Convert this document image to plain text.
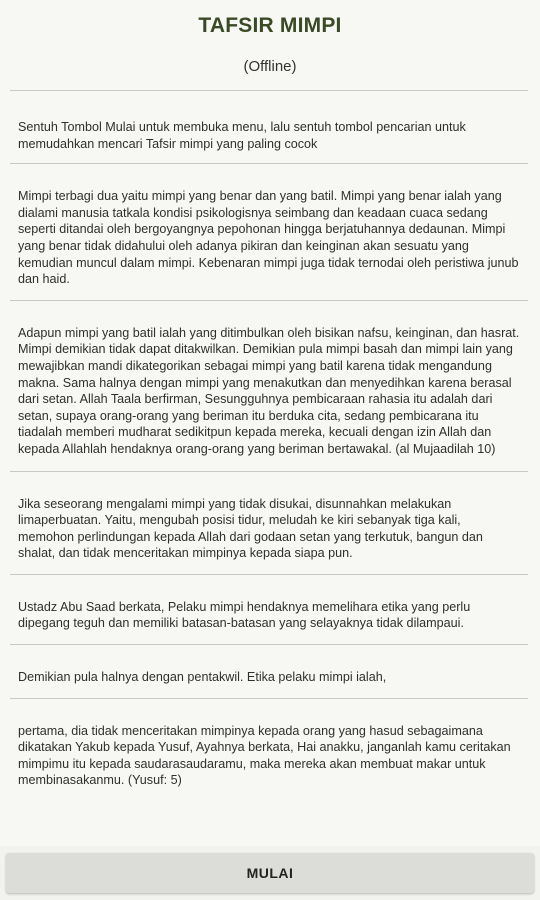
TAFSIR MIMPI
(Offline)
Sentuh Tombol Mulai untuk membuka menu, lalu sentuh tombol pencarian untuk memudahkan mencari Tafsir mimpi yang paling cocok
Mimpi terbagi dua yaitu mimpi yang benar dan yang batil. Mimpi yang benar ialah yang dialami manusia tatkala kondisi psikologisnya seimbang dan keadaan cuaca sedang seperti ditandai oleh bergoyangnya pepohonan hingga berjatuhannya dedaunan. Mimpi yang benar tidak didahului oleh adanya pikiran dan keinginan akan sesuatu yang kemudian muncul dalam mimpi. Kebenaran mimpi juga tidak ternodai oleh peristiwa junub dan haid.
Adapun mimpi yang batil ialah yang ditimbulkan oleh bisikan nafsu, keinginan, dan hasrat. Mimpi demikian tidak dapat ditakwilkan. Demikian pula mimpi basah dan mimpi lain yang mewajibkan mandi dikategorikan sebagai mimpi yang batil karena tidak mengandung makna. Sama halnya dengan mimpi yang menakutkan dan menyedihkan karena berasal dari setan. Allah Taala berfirman, Sesungguhnya pembicaraan rahasia itu adalah dari setan, supaya orang-orang yang beriman itu berduka cita, sedang pembicarana itu tiadalah memberi mudharat sedikitpun kepada mereka, kecuali dengan izin Allah dan kepada Allahlah hendaknya orang-orang yang beriman bertawakal. (al Mujaadilah 10)
Jika seseorang mengalami mimpi yang tidak disukai, disunnahkan melakukan limaperbuatan. Yaitu, mengubah posisi tidur, meludah ke kiri sebanyak tiga kali, memohon perlindungan kepada Allah dari godaan setan yang terkutuk, bangun dan shalat, dan tidak menceritakan mimpinya kepada siapa pun.
Ustadz Abu Saad berkata, Pelaku mimpi hendaknya memelihara etika yang perlu dipegang teguh dan memiliki batasan-batasan yang selayaknya tidak dilampaui.
Demikian pula halnya dengan pentakwil. Etika pelaku mimpi ialah,
pertama, dia tidak menceritakan mimpinya kepada orang yang hasud sebagaimana dikatakan Yakub kepada Yusuf, Ayahnya berkata, Hai anakku, janganlah kamu ceritakan mimpimu itu kepada saudarasaudaramu, maka mereka akan membuat makar untuk membinasakanmu. (Yusuf: 5)
MULAI
